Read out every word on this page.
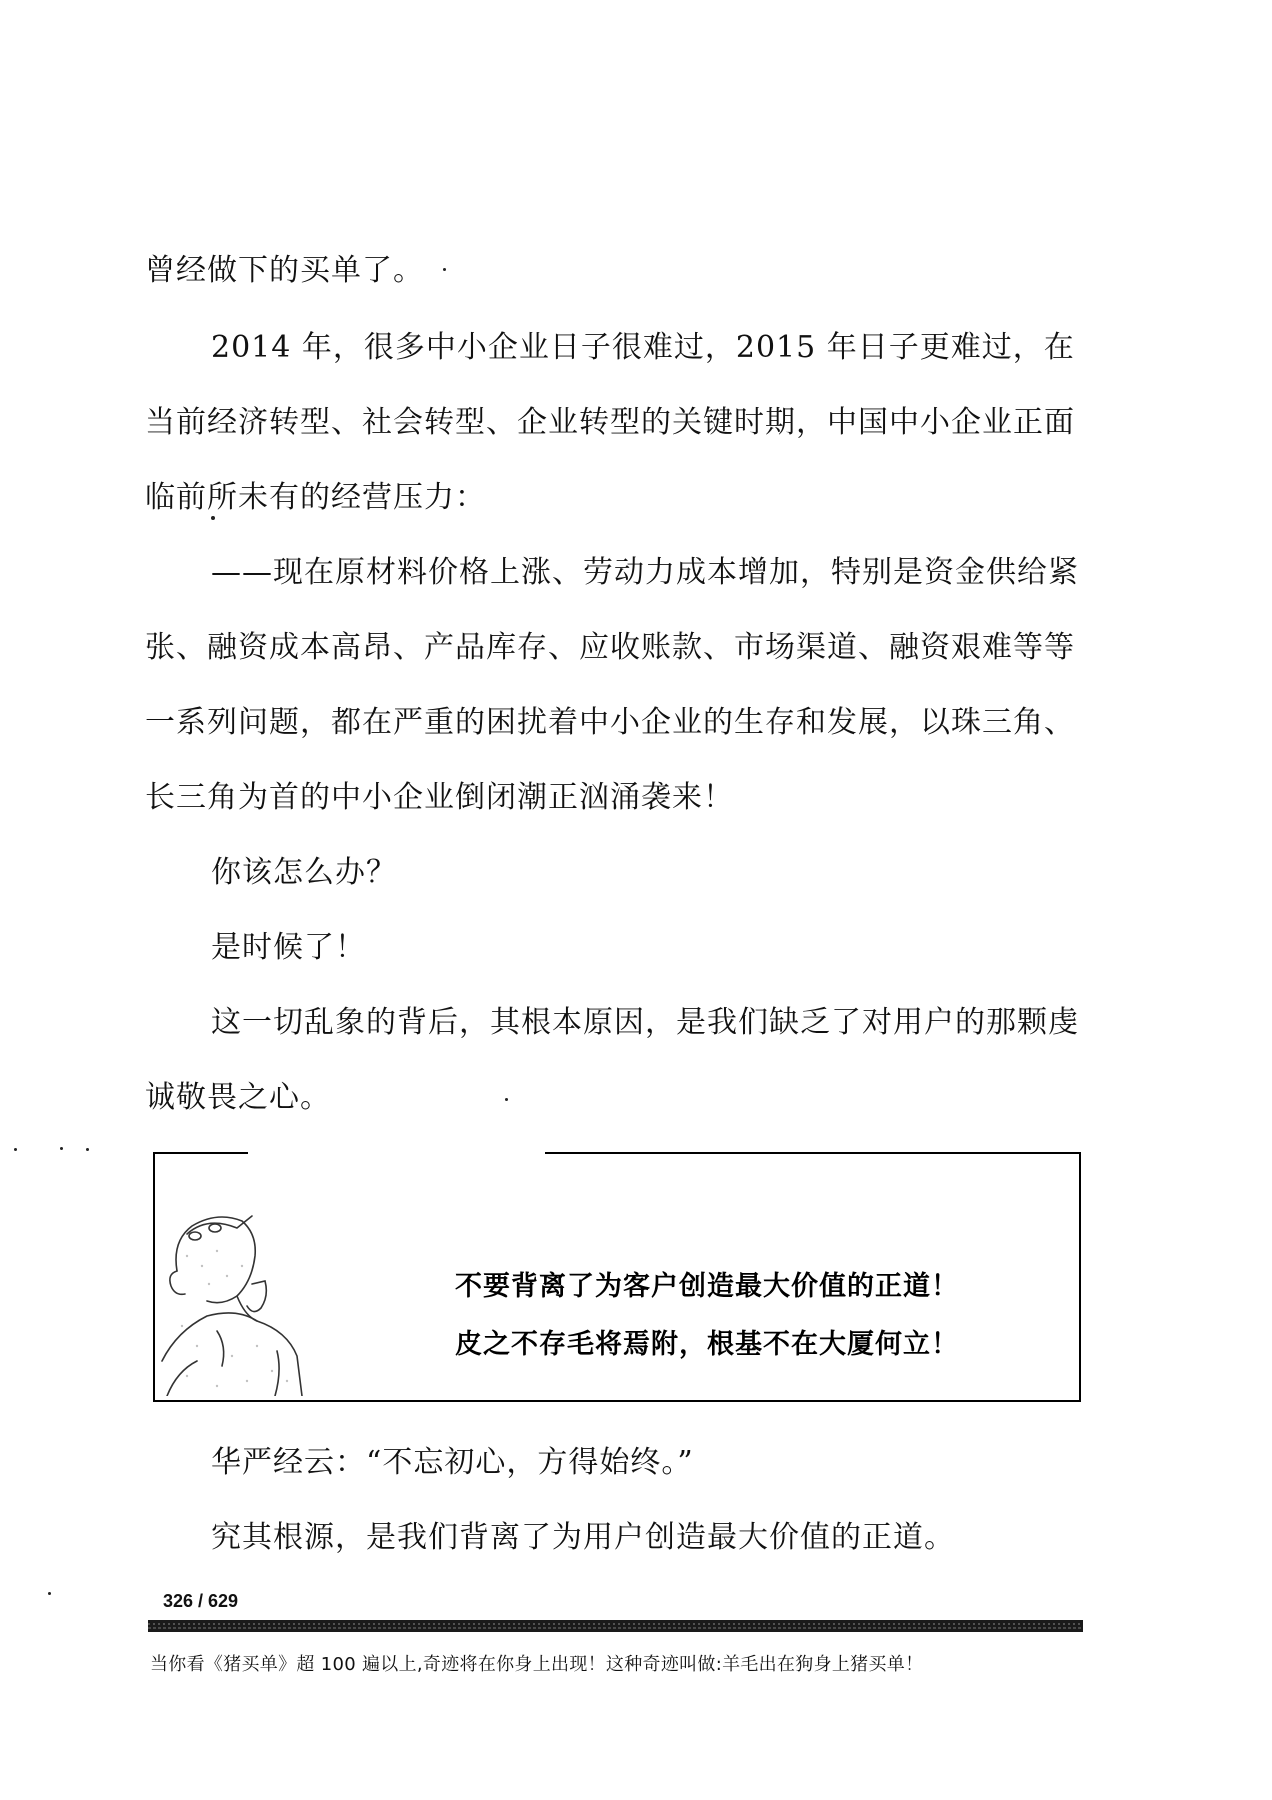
曾经做下的买单了。

2014 年，很多中小企业日子很难过，2015 年日子更难过，在当前经济转型、社会转型、企业转型的关键时期，中国中小企业正面临前所未有的经营压力：

——现在原材料价格上涨、劳动力成本增加，特别是资金供给紧张、融资成本高昂、产品库存、应收账款、市场渠道、融资艰难等等一系列问题，都在严重的困扰着中小企业的生存和发展，以珠三角、长三角为首的中小企业倒闭潮正汹涌袭来！

你该怎么办？

是时候了！

这一切乱象的背后，其根本原因，是我们缺乏了对用户的那颗虔诚敬畏之心。

不要背离了为客户创造最大价值的正道！
皮之不存毛将焉附，根基不在大厦何立！

华严经云：“不忘初心，方得始终。”

究其根源，是我们背离了为用户创造最大价值的正道。

326 / 629
当你看《猪买单》超 100 遍以上,奇迹将在你身上出现！这种奇迹叫做:羊毛出在狗身上猪买单！
